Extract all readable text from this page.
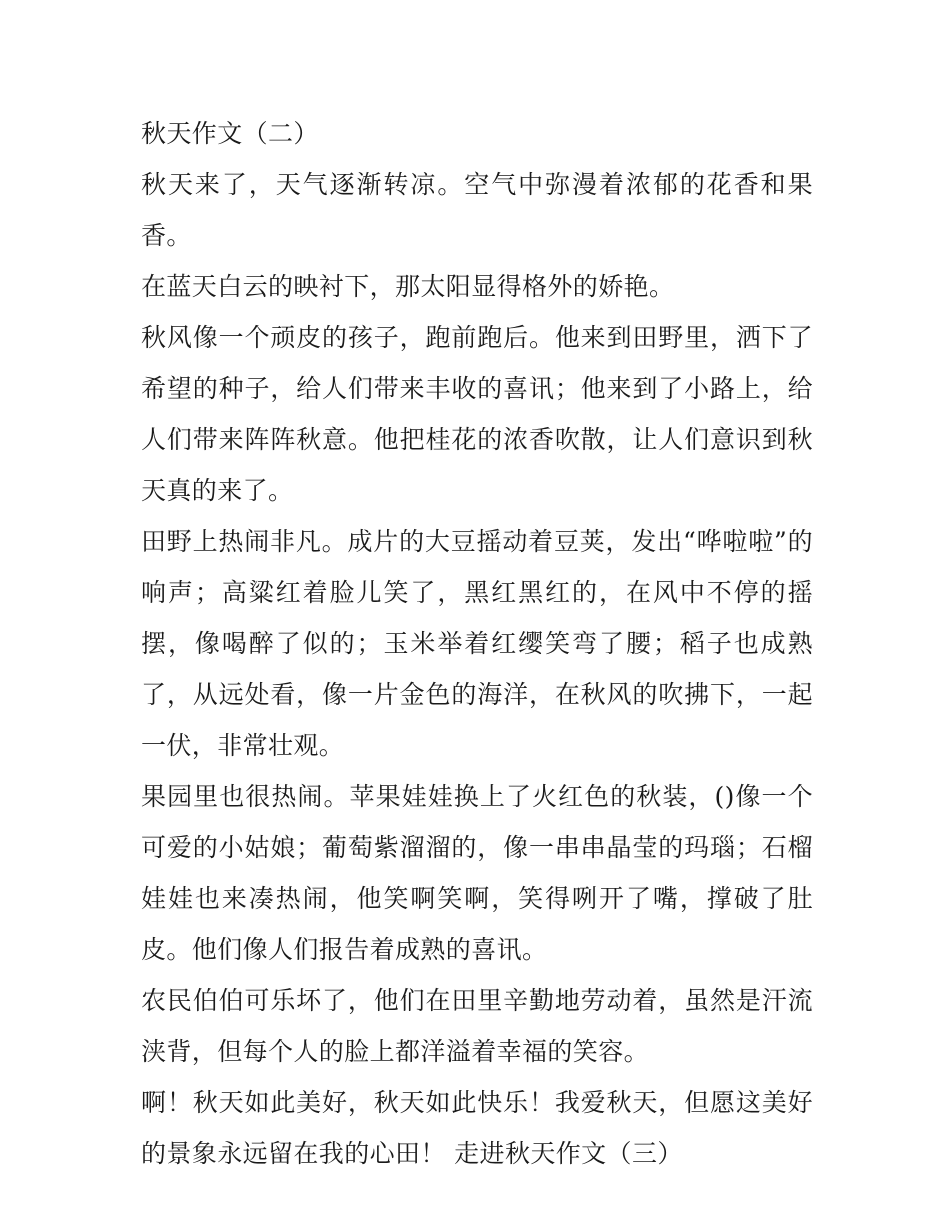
秋天作文（二）

秋天来了，天气逐渐转凉。空气中弥漫着浓郁的花香和果香。

在蓝天白云的映衬下，那太阳显得格外的娇艳。

秋风像一个顽皮的孩子，跑前跑后。他来到田野里，洒下了希望的种子，给人们带来丰收的喜讯；他来到了小路上，给人们带来阵阵秋意。他把桂花的浓香吹散，让人们意识到秋天真的来了。

田野上热闹非凡。成片的大豆摇动着豆荚，发出“哗啦啦”的响声；高粱红着脸儿笑了，黑红黑红的，在风中不停的摇摆，像喝醉了似的；玉米举着红缨笑弯了腰；稻子也成熟了，从远处看，像一片金色的海洋，在秋风的吹拂下，一起一伏，非常壮观。

果园里也很热闹。苹果娃娃换上了火红色的秋装，()像一个可爱的小姑娘；葡萄紫溜溜的，像一串串晶莹的玛瑙；石榴娃娃也来凑热闹，他笑啊笑啊，笑得咧开了嘴，撑破了肚皮。他们像人们报告着成熟的喜讯。

农民伯伯可乐坏了，他们在田里辛勤地劳动着，虽然是汗流浃背，但每个人的脸上都洋溢着幸福的笑容。

啊！秋天如此美好，秋天如此快乐！我爱秋天，但愿这美好的景象永远留在我的心田！ 走进秋天作文（三）
